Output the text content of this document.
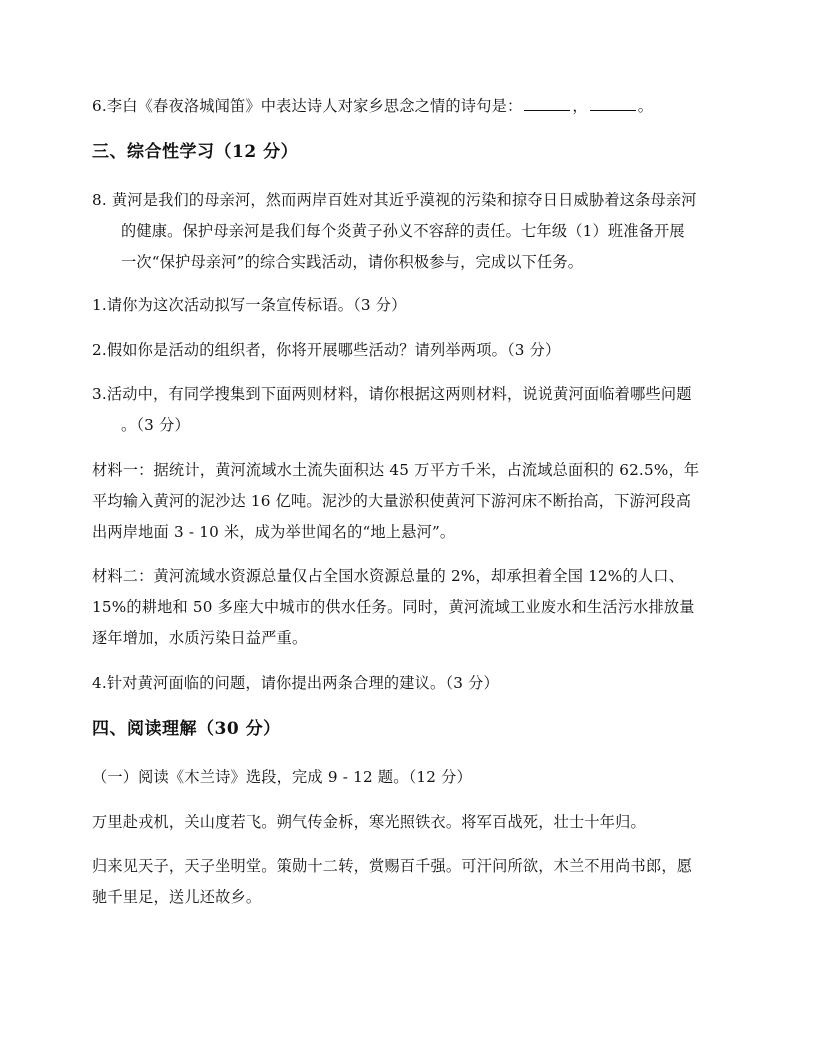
6.李白《春夜洛城闻笛》中表达诗人对家乡思念之情的诗句是：	，	。
三、综合性学习（12 分）
8. 黄河是我们的母亲河，然而两岸百姓对其近乎漠视的污染和掠夺日日威胁着这条母亲河
的健康。保护母亲河是我们每个炎黄子孙义不容辞的责任。七年级（1）班准备开展
一次“保护母亲河”的综合实践活动，请你积极参与，完成以下任务。
1.请你为这次活动拟写一条宣传标语。（3 分）
2.假如你是活动的组织者，你将开展哪些活动？请列举两项。（3 分）
3.活动中，有同学搜集到下面两则材料，请你根据这两则材料，说说黄河面临着哪些问题
。（3 分）
材料一：据统计，黄河流域水土流失面积达 45 万平方千米，占流域总面积的 62.5%，年
平均输入黄河的泥沙达 16 亿吨。泥沙的大量淤积使黄河下游河床不断抬高，下游河段高
出两岸地面 3 - 10 米，成为举世闻名的“地上悬河”。
材料二：黄河流域水资源总量仅占全国水资源总量的 2%，却承担着全国 12%的人口、
15%的耕地和 50 多座大中城市的供水任务。同时，黄河流域工业废水和生活污水排放量
逐年增加，水质污染日益严重。
4.针对黄河面临的问题，请你提出两条合理的建议。（3 分）
四、阅读理解（30 分）
（一）阅读《木兰诗》选段，完成 9 - 12 题。（12 分）
万里赴戎机，关山度若飞。朔气传金柝，寒光照铁衣。将军百战死，壮士十年归。
归来见天子，天子坐明堂。策勋十二转，赏赐百千强。可汗问所欲，木兰不用尚书郎，愿
驰千里足，送儿还故乡。
